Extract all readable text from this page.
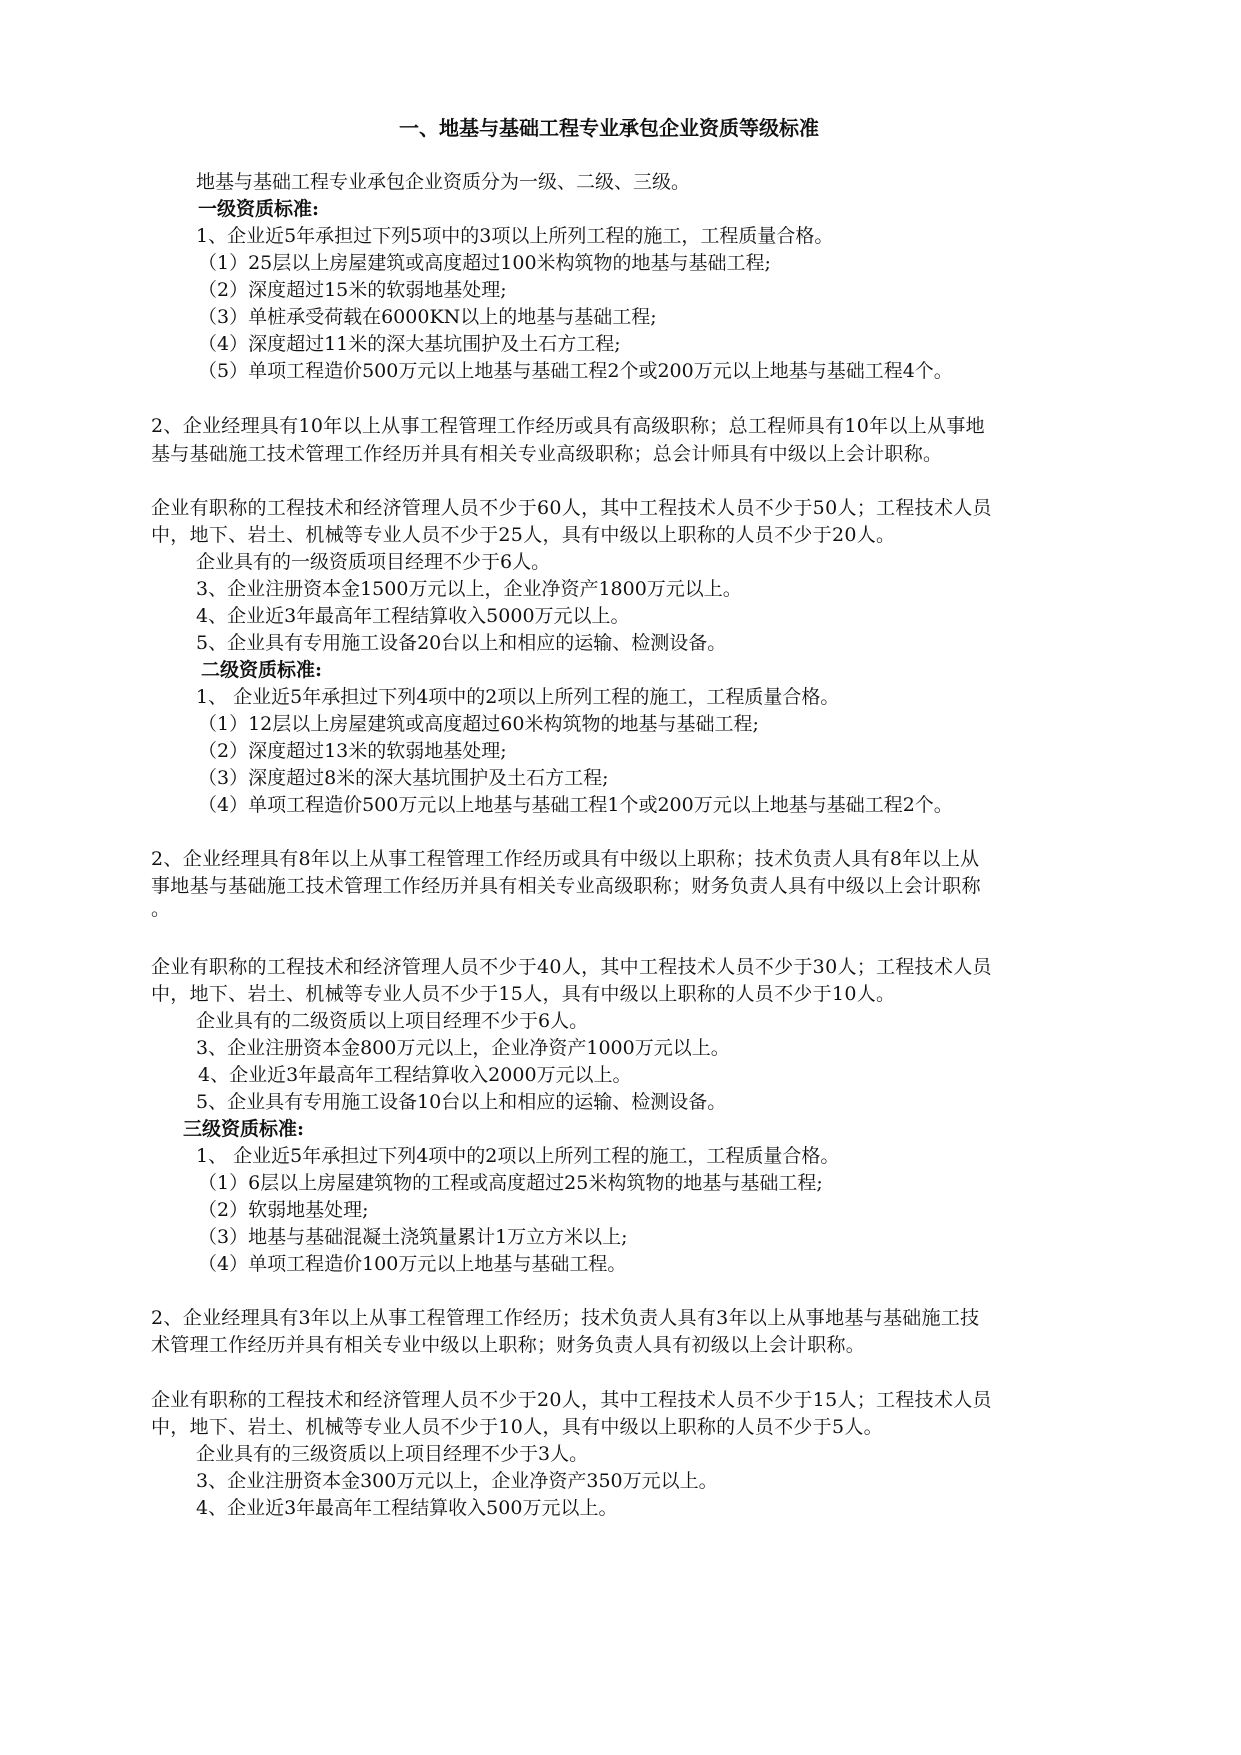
一、地基与基础工程专业承包企业资质等级标准
地基与基础工程专业承包企业资质分为一级、二级、三级。
一级资质标准:
1、企业近5年承担过下列5项中的3项以上所列工程的施工，工程质量合格。
（1）25层以上房屋建筑或高度超过100米构筑物的地基与基础工程;
（2）深度超过15米的软弱地基处理;
（3）单桩承受荷载在6000KN以上的地基与基础工程;
（4）深度超过11米的深大基坑围护及土石方工程;
（5）单项工程造价500万元以上地基与基础工程2个或200万元以上地基与基础工程4个。
2、企业经理具有10年以上从事工程管理工作经历或具有高级职称；总工程师具有10年以上从事地
基与基础施工技术管理工作经历并具有相关专业高级职称；总会计师具有中级以上会计职称。
企业有职称的工程技术和经济管理人员不少于60人，其中工程技术人员不少于50人；工程技术人员
中，地下、岩土、机械等专业人员不少于25人，具有中级以上职称的人员不少于20人。
企业具有的一级资质项目经理不少于6人。
3、企业注册资本金1500万元以上，企业净资产1800万元以上。
4、企业近3年最高年工程结算收入5000万元以上。
5、企业具有专用施工设备20台以上和相应的运输、检测设备。
二级资质标准:
1、 企业近5年承担过下列4项中的2项以上所列工程的施工，工程质量合格。
（1）12层以上房屋建筑或高度超过60米构筑物的地基与基础工程;
（2）深度超过13米的软弱地基处理;
（3）深度超过8米的深大基坑围护及土石方工程;
（4）单项工程造价500万元以上地基与基础工程1个或200万元以上地基与基础工程2个。
2、企业经理具有8年以上从事工程管理工作经历或具有中级以上职称；技术负责人具有8年以上从
事地基与基础施工技术管理工作经历并具有相关专业高级职称；财务负责人具有中级以上会计职称
。
企业有职称的工程技术和经济管理人员不少于40人，其中工程技术人员不少于30人；工程技术人员
中，地下、岩土、机械等专业人员不少于15人，具有中级以上职称的人员不少于10人。
企业具有的二级资质以上项目经理不少于6人。
3、企业注册资本金800万元以上，企业净资产1000万元以上。
4、企业近3年最高年工程结算收入2000万元以上。
5、企业具有专用施工设备10台以上和相应的运输、检测设备。
三级资质标准:
1、 企业近5年承担过下列4项中的2项以上所列工程的施工，工程质量合格。
（1）6层以上房屋建筑物的工程或高度超过25米构筑物的地基与基础工程;
（2）软弱地基处理;
（3）地基与基础混凝土浇筑量累计1万立方米以上;
（4）单项工程造价100万元以上地基与基础工程。
2、企业经理具有3年以上从事工程管理工作经历；技术负责人具有3年以上从事地基与基础施工技
术管理工作经历并具有相关专业中级以上职称；财务负责人具有初级以上会计职称。
企业有职称的工程技术和经济管理人员不少于20人，其中工程技术人员不少于15人；工程技术人员
中，地下、岩土、机械等专业人员不少于10人，具有中级以上职称的人员不少于5人。
企业具有的三级资质以上项目经理不少于3人。
3、企业注册资本金300万元以上，企业净资产350万元以上。
4、企业近3年最高年工程结算收入500万元以上。
